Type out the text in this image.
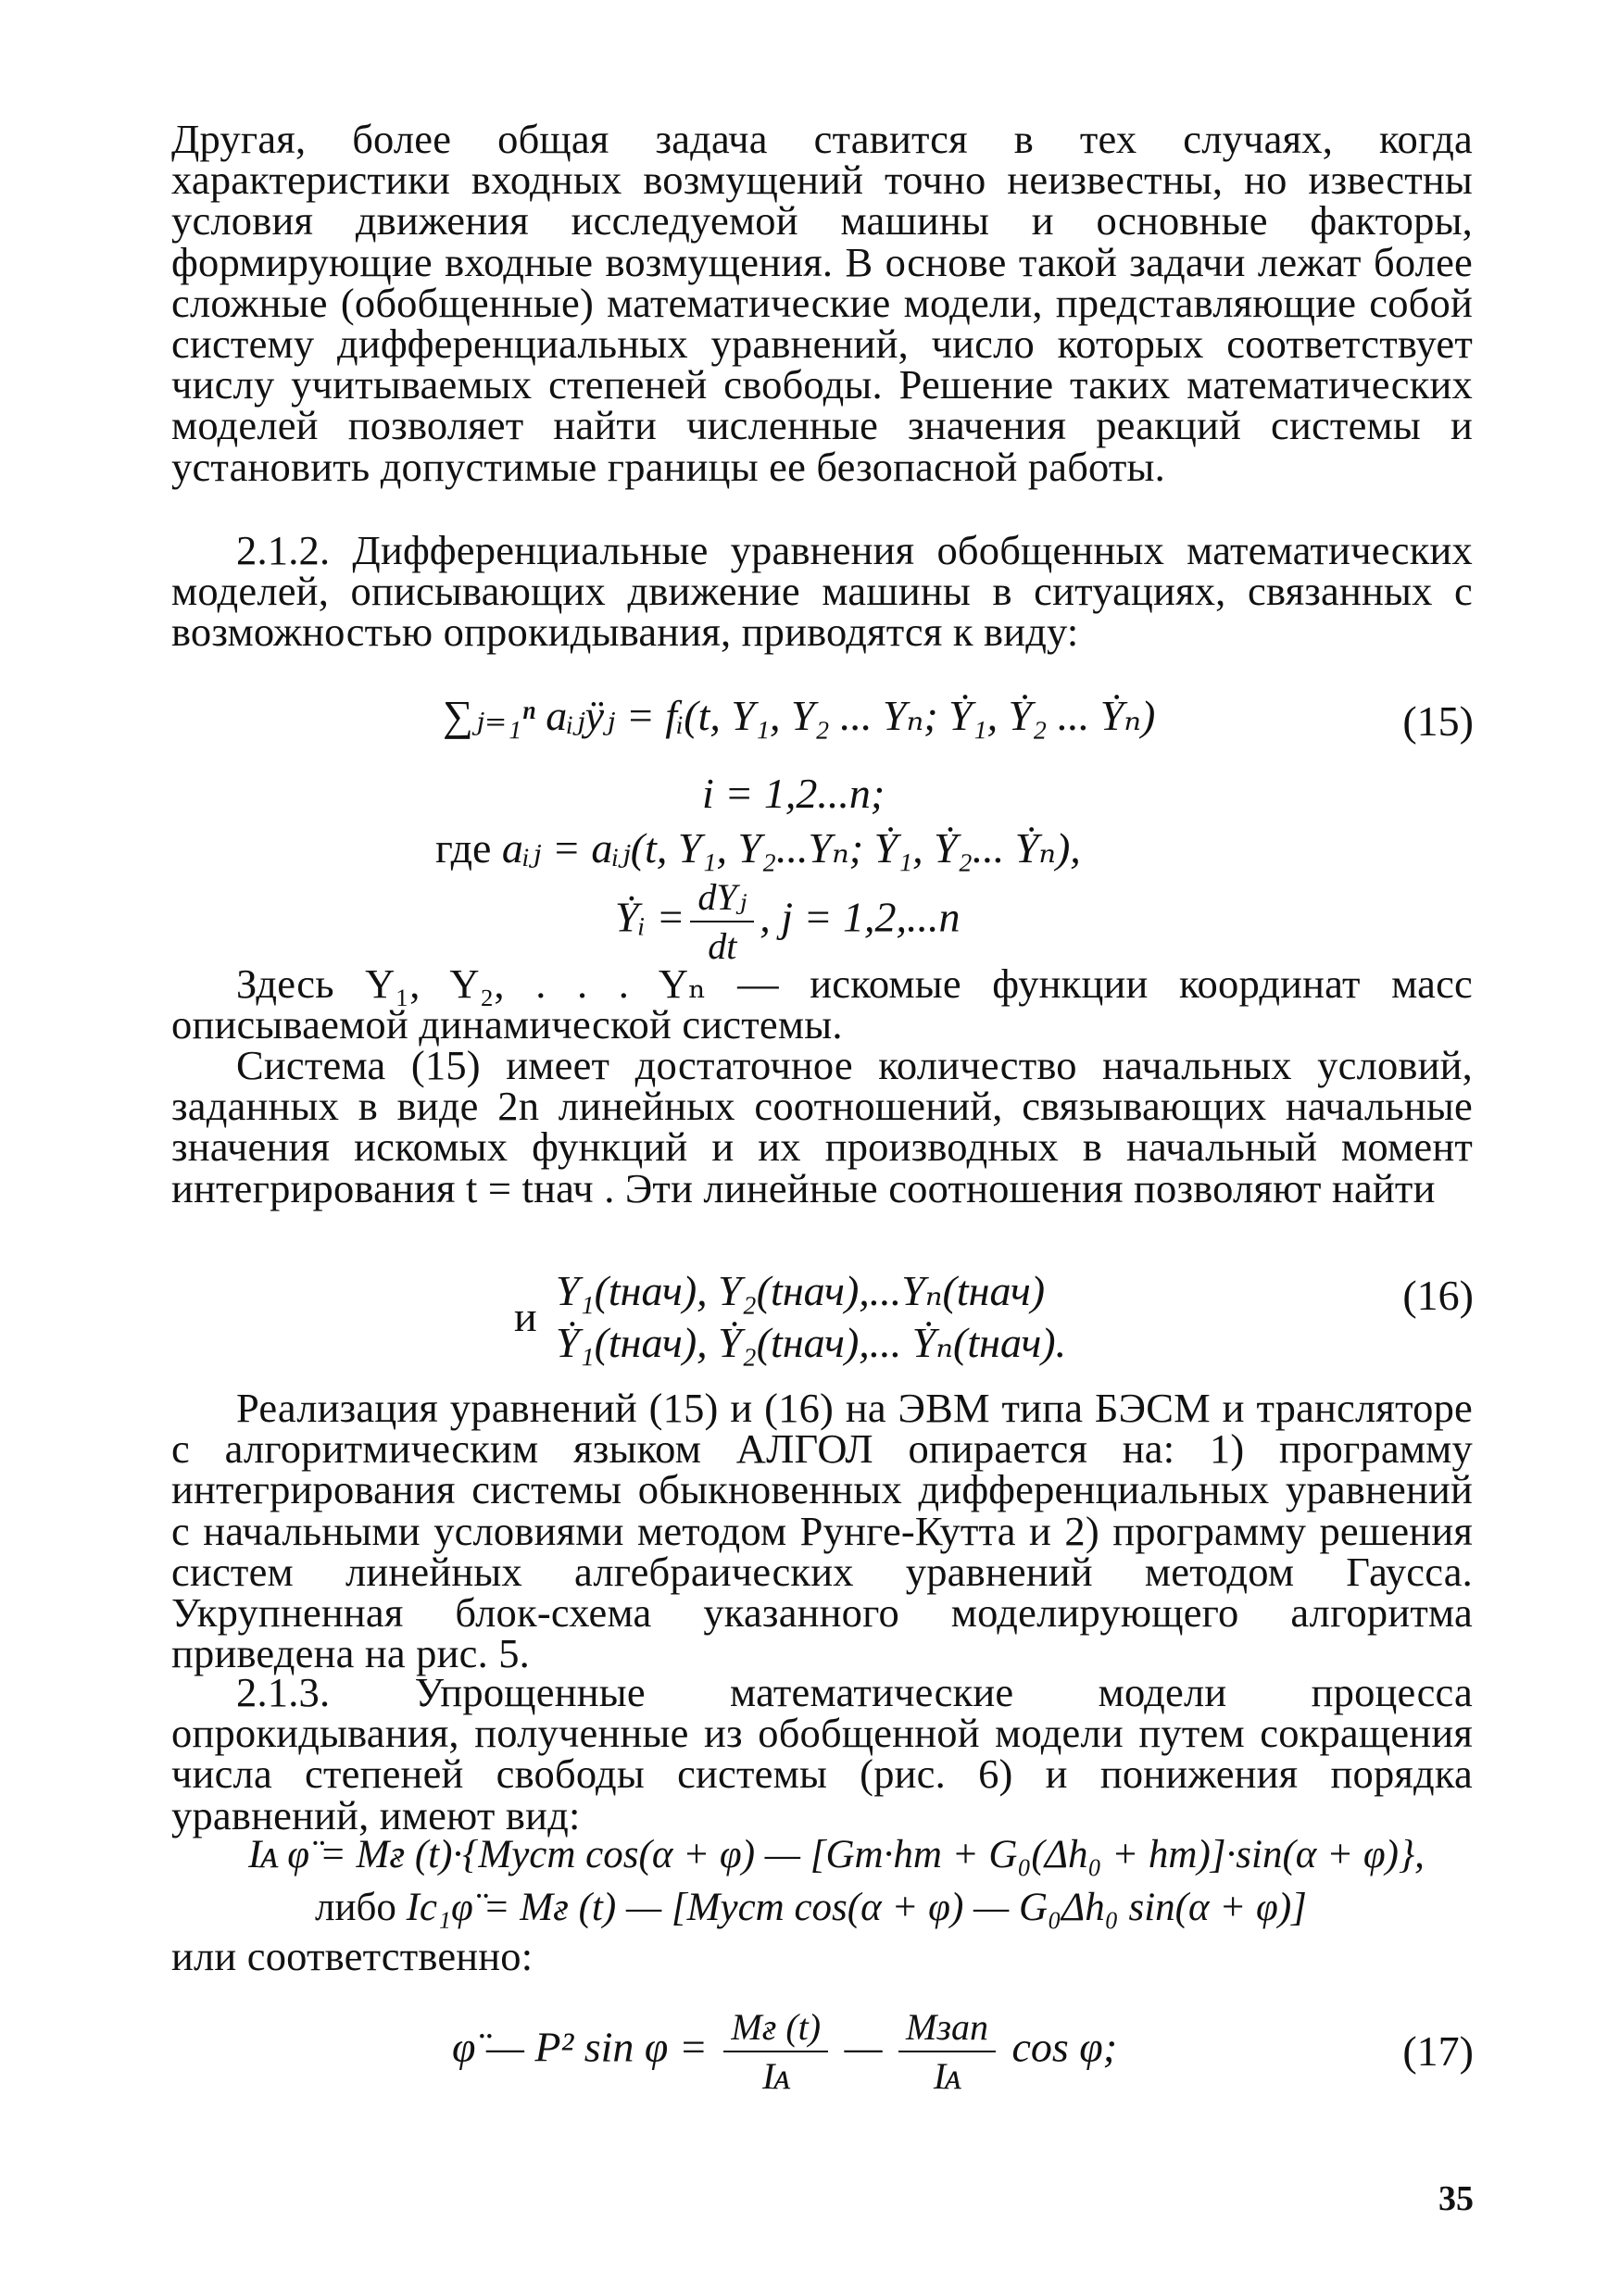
Другая, более общая задача ставится в тех случаях, когда характеристики входных возмущений точно неизвестны, но известны условия движения исследуемой машины и основные факторы, формирующие входные возмущения. В основе такой задачи лежат более сложные (обобщенные) математические модели, представляющие собой систему дифференциальных уравнений, число которых соответствует числу учитываемых степеней свободы. Решение таких математических моделей позволяет найти численные значения реакций системы и установить допустимые границы ее безопасной работы.
2.1.2. Дифференциальные уравнения обобщенных математических моделей, описывающих движение машины в ситуациях, связанных с возможностью опрокидывания, приводятся к виду:
∑ⱼ₌₁ⁿ aᵢⱼÿⱼ = fᵢ(t, Y₁, Y₂ ... Yₙ; Ẏ₁, Ẏ₂ ... Ẏₙ)	(15)
i = 1,2...n;
где aᵢⱼ = aᵢⱼ(t, Y₁, Y₂...Yₙ; Ẏ₁, Ẏ₂... Ẏₙ),
Ẏᵢ = $\frac{\text{dYⱼ}}{dt}$ , j = 1,2,...n
Здесь Y₁, Y₂, . . . Yₙ — искомые функции координат масс описываемой динамической системы.
Система (15) имеет достаточное количество начальных условий, заданных в виде 2n линейных соотношений, связывающих начальные значения искомых функций и их производных в начальный момент интегрирования t = tнач . Эти линейные соотношения позволяют найти
и
Y₁(tнач), Y₂(tнач),...Yₙ(tнач)
Ẏ₁(tнач), Ẏ₂(tнач),... Ẏₙ(tнач).
(16)
Реализация уравнений (15) и (16) на ЭВМ типа БЭСМ и трансляторе с алгоритмическим языком АЛГОЛ опирается на: 1) программу интегрирования системы обыкновенных дифференциальных уравнений с начальными условиями методом Рунге-Кутта и 2) программу решения систем линейных алгебраических уравнений методом Гаусса. Укрупненная блок-схема указанного моделирующего алгоритма приведена на рис. 5.
2.1.3. Упрощенные математические модели процесса опрокидывания, полученные из обобщенной модели путем сокращения числа степеней свободы системы (рис. 6) и понижения порядка уравнений, имеют вид:
Iᴀ φ̈ = Mғ (t)·{Mуст cos(α + φ) — [Gт·hт + G₀(Δh₀ + hт)]·sin(α + φ)},
либо Iс₁φ̈ = Mғ (t) — [Mуст cos(α + φ) — G₀Δh₀ sin(α + φ)]
или соответственно:
φ̈ — P² $\sin \varphi = \frac{Mғ (t)}{\text{Iᴀ}}$ — $\frac{\text{Mзап}}{\text{Iᴀ}}$ cos φ;	(17)
35
